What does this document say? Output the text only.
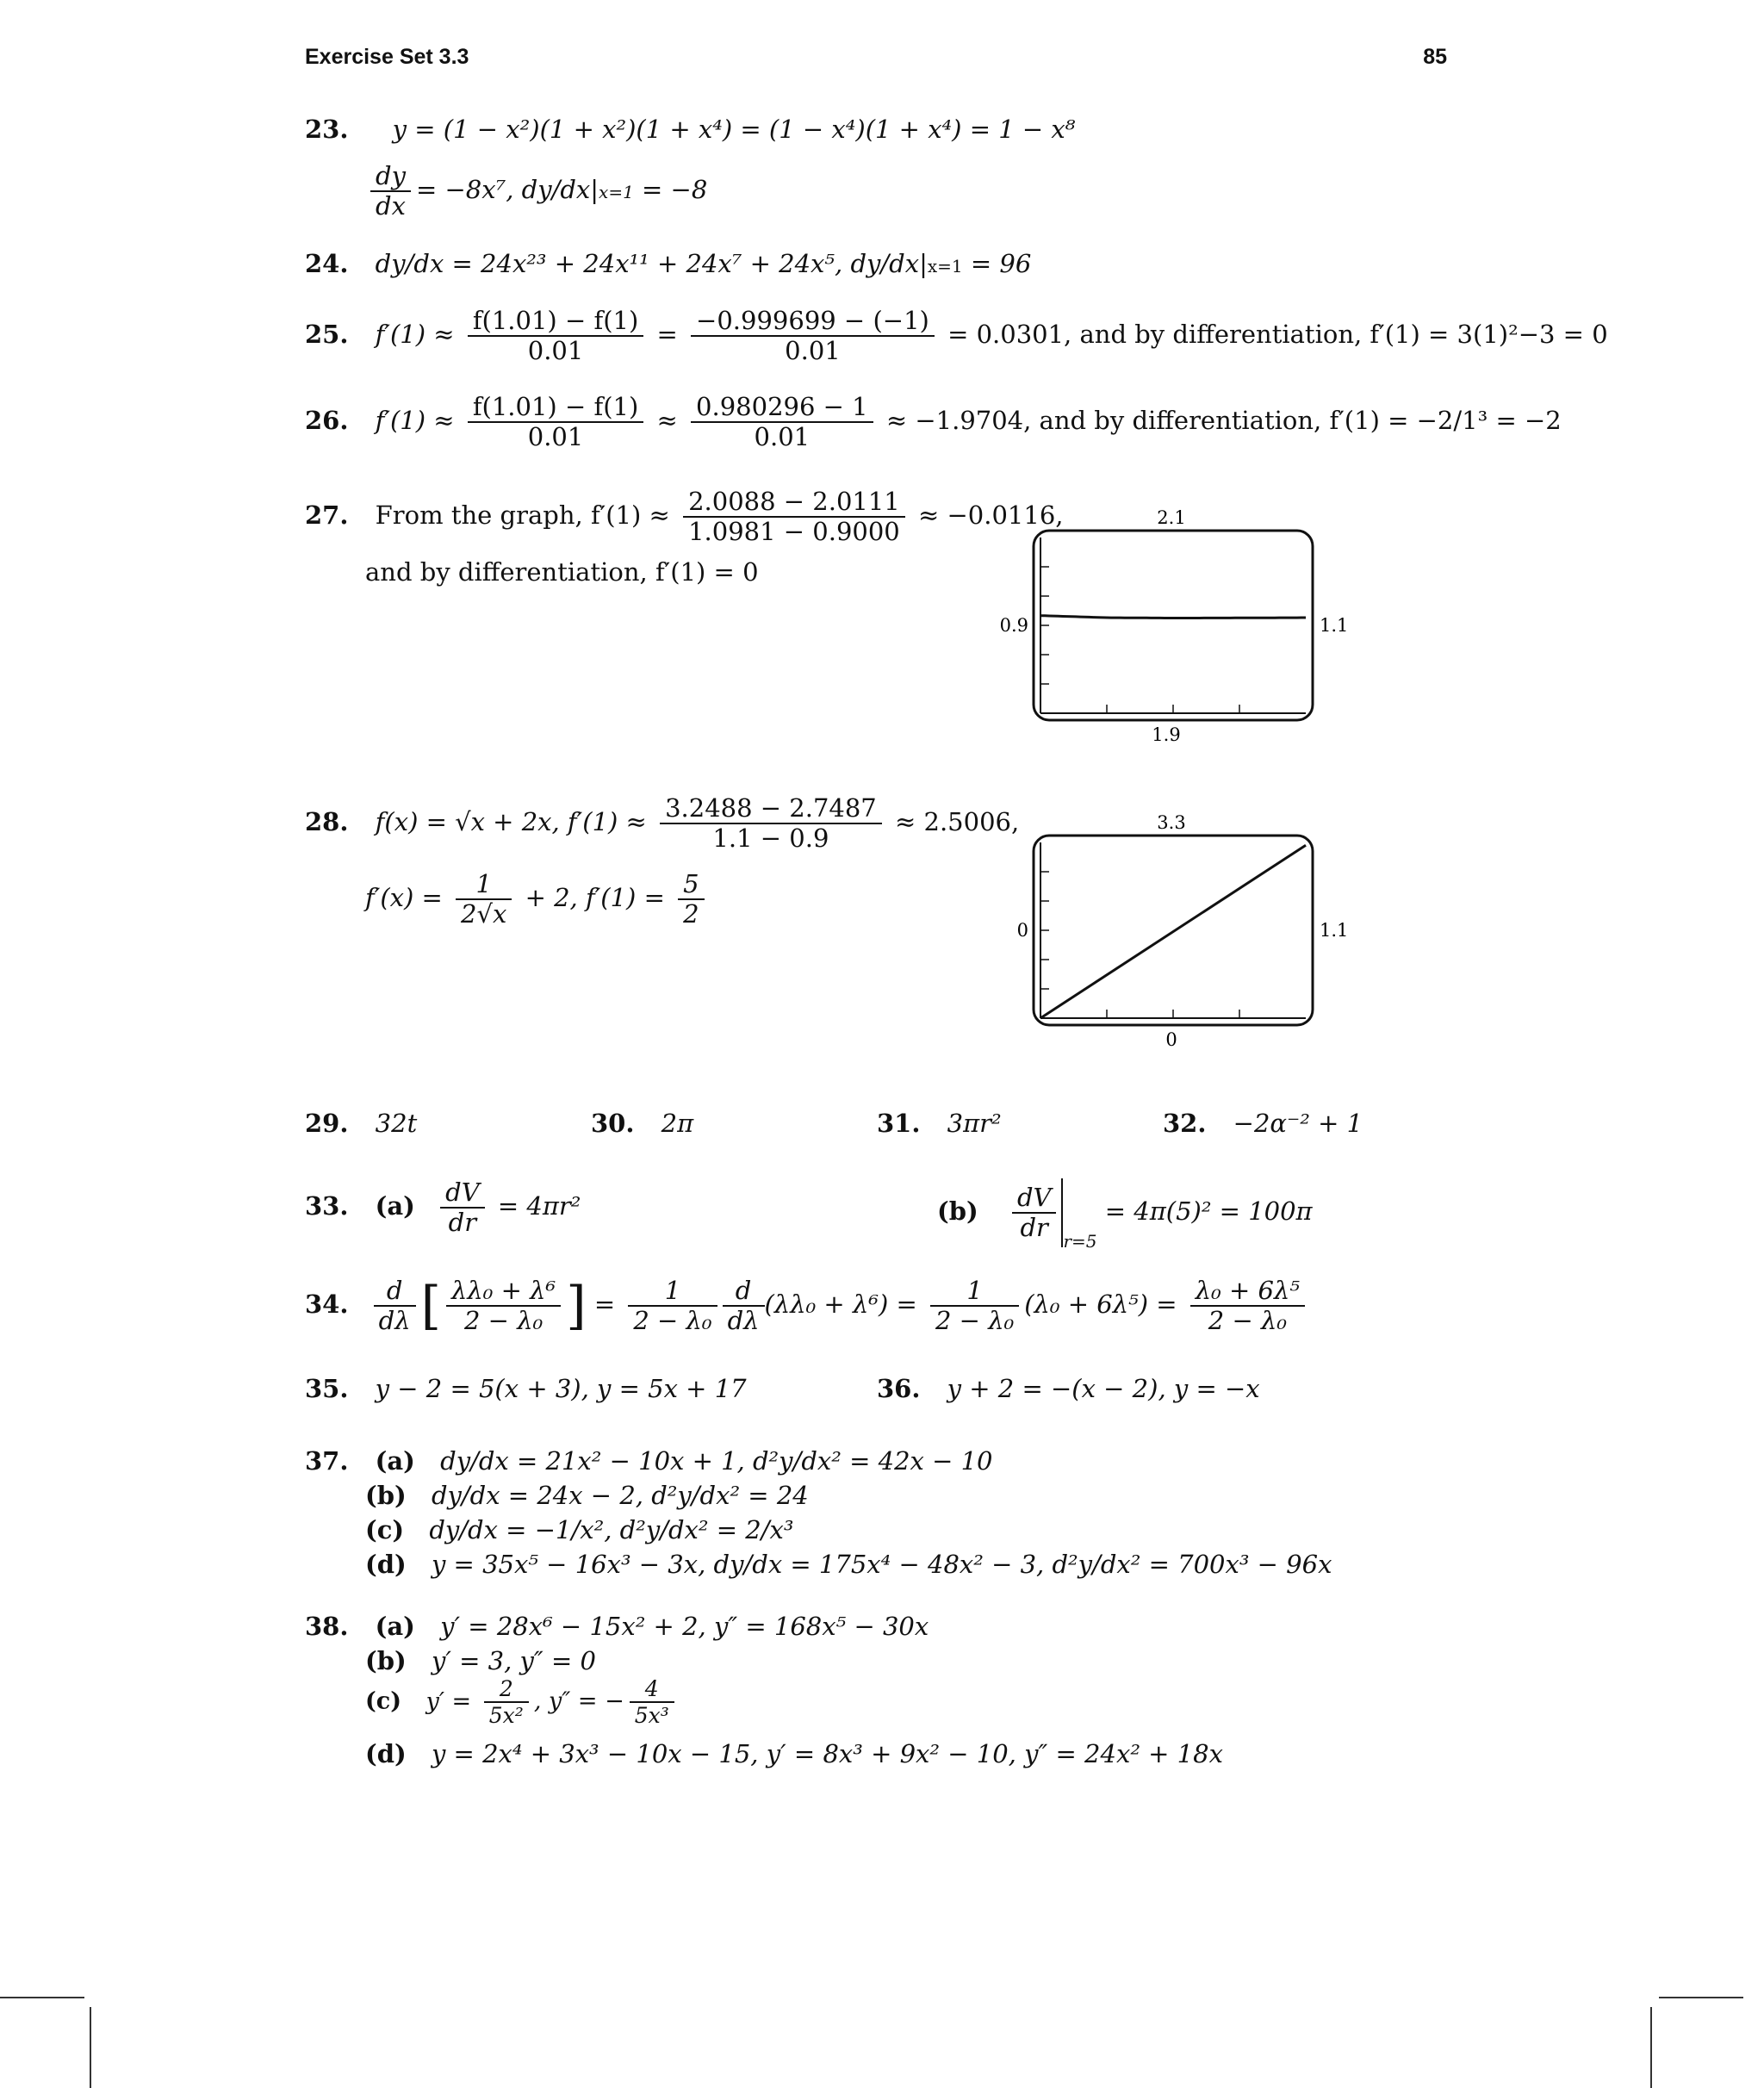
Exercise Set 3.3	85
23. y = (1 − x²)(1 + x²)(1 + x⁴) = (1 − x⁴)(1 + x⁴) = 1 − x⁸
$\frac{dy}{dx} = -8x^7$, dy/dx|x=1 = −8
24. dy/dx = 24x²³ + 24x¹¹ + 24x⁷ + 24x⁵, dy/dx|x=1 = 96
25. $f'(1) \approx \frac{f(1.01) - f(1)}{0.01} = \frac{-0.999699 - (-1)}{0.01} = 0.0301$, and by differentiation, f′(1) = 3(1)²−3 = 0
26. $f'(1) \approx \frac{f(1.01) - f(1)}{0.01} \approx \frac{0.980296 - 1}{0.01} \approx -1.9704$, and by differentiation, f′(1) = −2/1³ = −2
27. From the graph, $f'(1) \approx \frac{2.0088 - 2.0111}{1.0981 - 0.9000} \approx -0.0116$,
and by differentiation, f′(1) = 0
2.1
0.9	1.1
1.9
28. f(x) = √x + 2x, $f'(1) \approx \frac{3.2488 - 2.7487}{1.1 - 0.9} \approx 2.5006$,
$f'(x) = \frac{1}{2√x} + 2$, $f'(1) = \frac{5}{2}$
3.3
0	1.1
0
29. 32t	30. 2π	31. 3πr²	32. −2α⁻² + 1
33. $(a) \frac{dV}{dr} = 4\pi r^2$	$(b) \frac{dV}{dr} _{r=5} = 4\pi(5)^2 = 100\pi$
34. $\frac{d}{d\lambda}$ [ $\frac{\text{λλ₀ + λ⁶}}{\text{2 − λ₀}}$ ] = $\frac{1}{\text{2 − λ₀}} \frac{d}{d\lambda} (\lambda\lambda_0 + \lambda^6) = \frac{1}{\text{2 − λ₀}} (\lambda_0 + 6\lambda^5) = \frac{\text{λ₀ + 6λ⁵}}{\text{2 − λ₀}}$
35. y − 2 = 5(x + 3), y = 5x + 17	36. y + 2 = −(x − 2), y = −x
37. (a) dy/dx = 21x² − 10x + 1, d²y/dx² = 42x − 10
(b) dy/dx = 24x − 2, d²y/dx² = 24
(c) dy/dx = −1/x², d²y/dx² = 2/x³
(d) y = 35x⁵ − 16x³ − 3x, dy/dx = 175x⁴ − 48x² − 3, d²y/dx² = 700x³ − 96x
38. (a) y′ = 28x⁶ − 15x² + 2, y″ = 168x⁵ − 30x
(b) y′ = 3, y″ = 0
(c) $y' = \frac{2}{\text{5x²}}$ , y″ = − $\frac{4}{\text{5x³}}$
(d) y = 2x⁴ + 3x³ − 10x − 15, y′ = 8x³ + 9x² − 10, y″ = 24x² + 18x
